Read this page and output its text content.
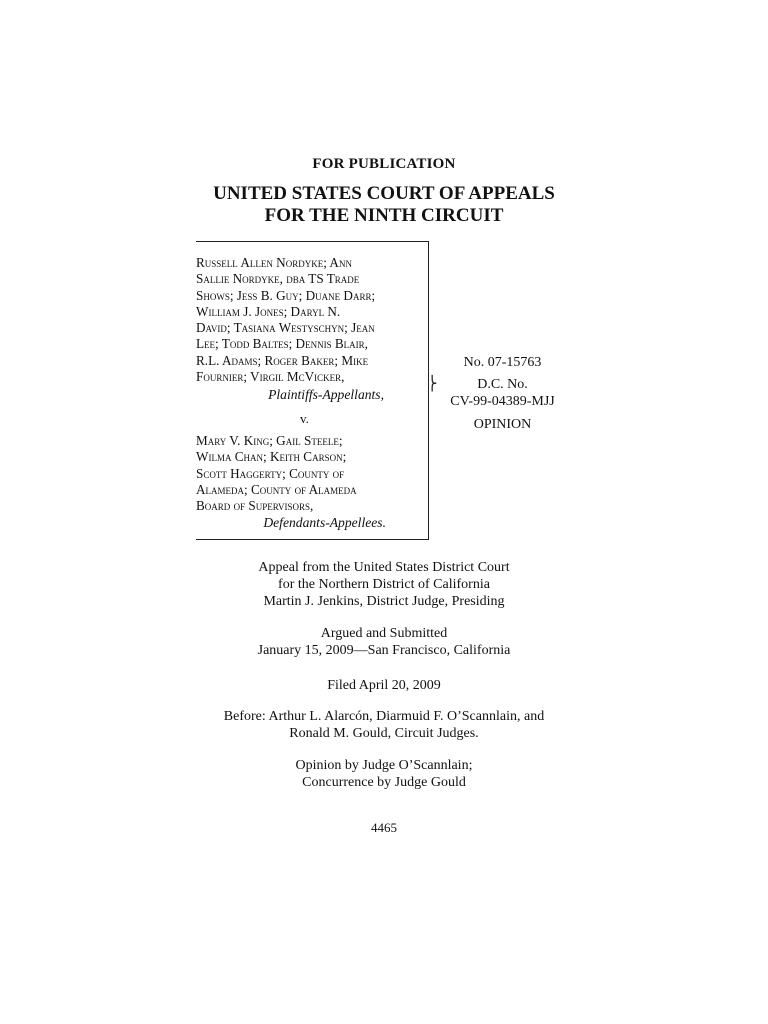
FOR PUBLICATION
UNITED STATES COURT OF APPEALS
FOR THE NINTH CIRCUIT
⎬
Russell Allen Nordyke; Ann
Sallie Nordyke, dba TS Trade
Shows; Jess B. Guy; Duane Darr;
William J. Jones; Daryl N.
David; Tasiana Westyschyn; Jean
Lee; Todd Baltes; Dennis Blair,
R.L. Adams; Roger Baker; Mike
Fournier; Virgil McVicker,
Plaintiffs-Appellants,
v.
Mary V. King; Gail Steele;
Wilma Chan; Keith Carson;
Scott Haggerty; County of
Alameda; County of Alameda
Board of Supervisors,
Defendants-Appellees.
No. 07-15763
D.C. No.
CV-99-04389-MJJ
OPINION
Appeal from the United States District Court
for the Northern District of California
Martin J. Jenkins, District Judge, Presiding
Argued and Submitted
January 15, 2009—San Francisco, California
Filed April 20, 2009
Before: Arthur L. Alarcón, Diarmuid F. O’Scannlain, and
Ronald M. Gould, Circuit Judges.
Opinion by Judge O’Scannlain;
Concurrence by Judge Gould
4465
